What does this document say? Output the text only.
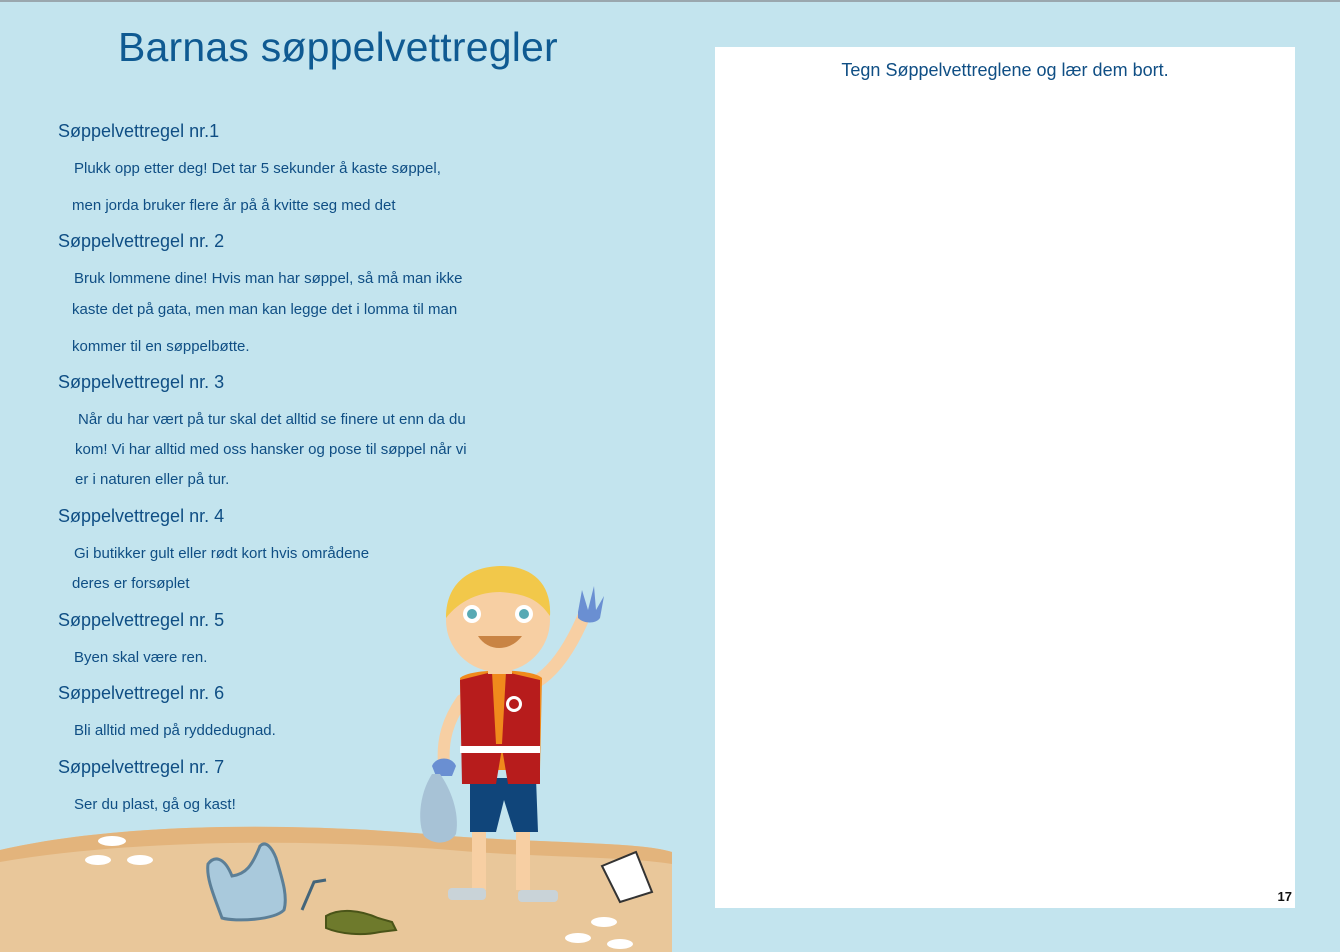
Barnas søppelvettregler
Søppelvettregel nr.1
Plukk opp etter deg! Det tar 5 sekunder å kaste søppel,
men jorda bruker flere år på å kvitte seg med det
Søppelvettregel nr. 2
Bruk lommene dine! Hvis man har søppel, så må man ikke
kaste det på gata, men man kan legge det i lomma til man
kommer til en søppelbøtte.
Søppelvettregel nr. 3
Når du har vært på tur skal det alltid se finere ut enn da du
kom! Vi har alltid med oss hansker og pose til søppel når vi
er i naturen eller på tur.
Søppelvettregel nr. 4
Gi butikker gult eller rødt kort hvis områdene
deres er forsøplet
Søppelvettregel nr. 5
Byen skal være ren.
Søppelvettregel nr. 6
Bli alltid med på ryddedugnad.
Søppelvettregel nr. 7
Ser du plast, gå og kast!
Tegn Søppelvettreglene og lær dem bort.
17
